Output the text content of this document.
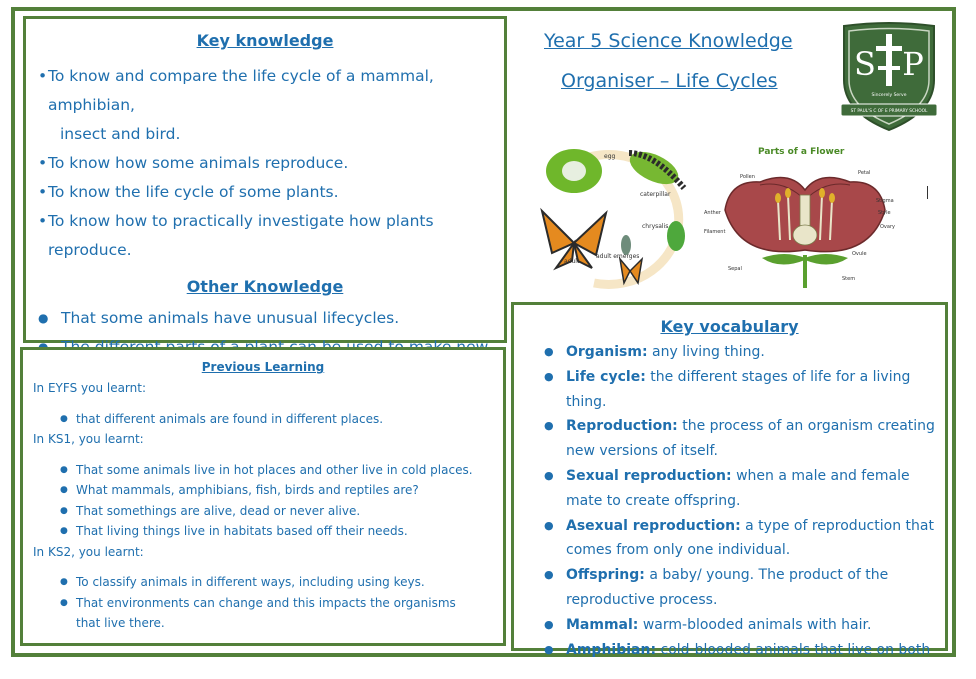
Key knowledge
• To know and compare the life cycle of a mammal, amphibian,
insect and bird.
• To know how some animals reproduce.
• To know the life cycle of some plants.
• To know how to practically investigate how plants reproduce.
Other Knowledge
● That some animals have unusual lifecycles.
Previous Learning
In EYFS you learnt:
● that different animals are found in different places.
In KS1, you learnt:
● That some animals live in hot places and other live in cold places.
● What mammals, amphibians, fish, birds and reptiles are?
● That somethings are alive, dead or never alive.
● That living things live in habitats based off their needs.
In KS2, you learnt:
● To classify animals in different ways, including using keys.
● That environments can change and this impacts the organisms that live there.
Year 5 Science Knowledge
Organiser – Life Cycles S P
Sincerely Serve
ST PAUL'S C OF E PRIMARY SCHOOL
egg
caterpillar
chrysalis
adult
adult emerges
Parts of a Flower
Pollen
Petal
Anther
Stigma
Style
Ovary
Filament
Ovule
Sepal
Stem
Key vocabulary
● Organism: any living thing.
● Life cycle: the different stages of life for a living thing.
● Reproduction: the process of an organism creating new versions of itself.
● Sexual reproduction: when a male and female mate to create offspring.
● Asexual reproduction: a type of reproduction that comes from only one individual.
● Offspring: a baby/ young. The product of the reproductive process.
● Mammal: warm-blooded animals with hair.
● Amphibian: cold-blooded animals that live on both
